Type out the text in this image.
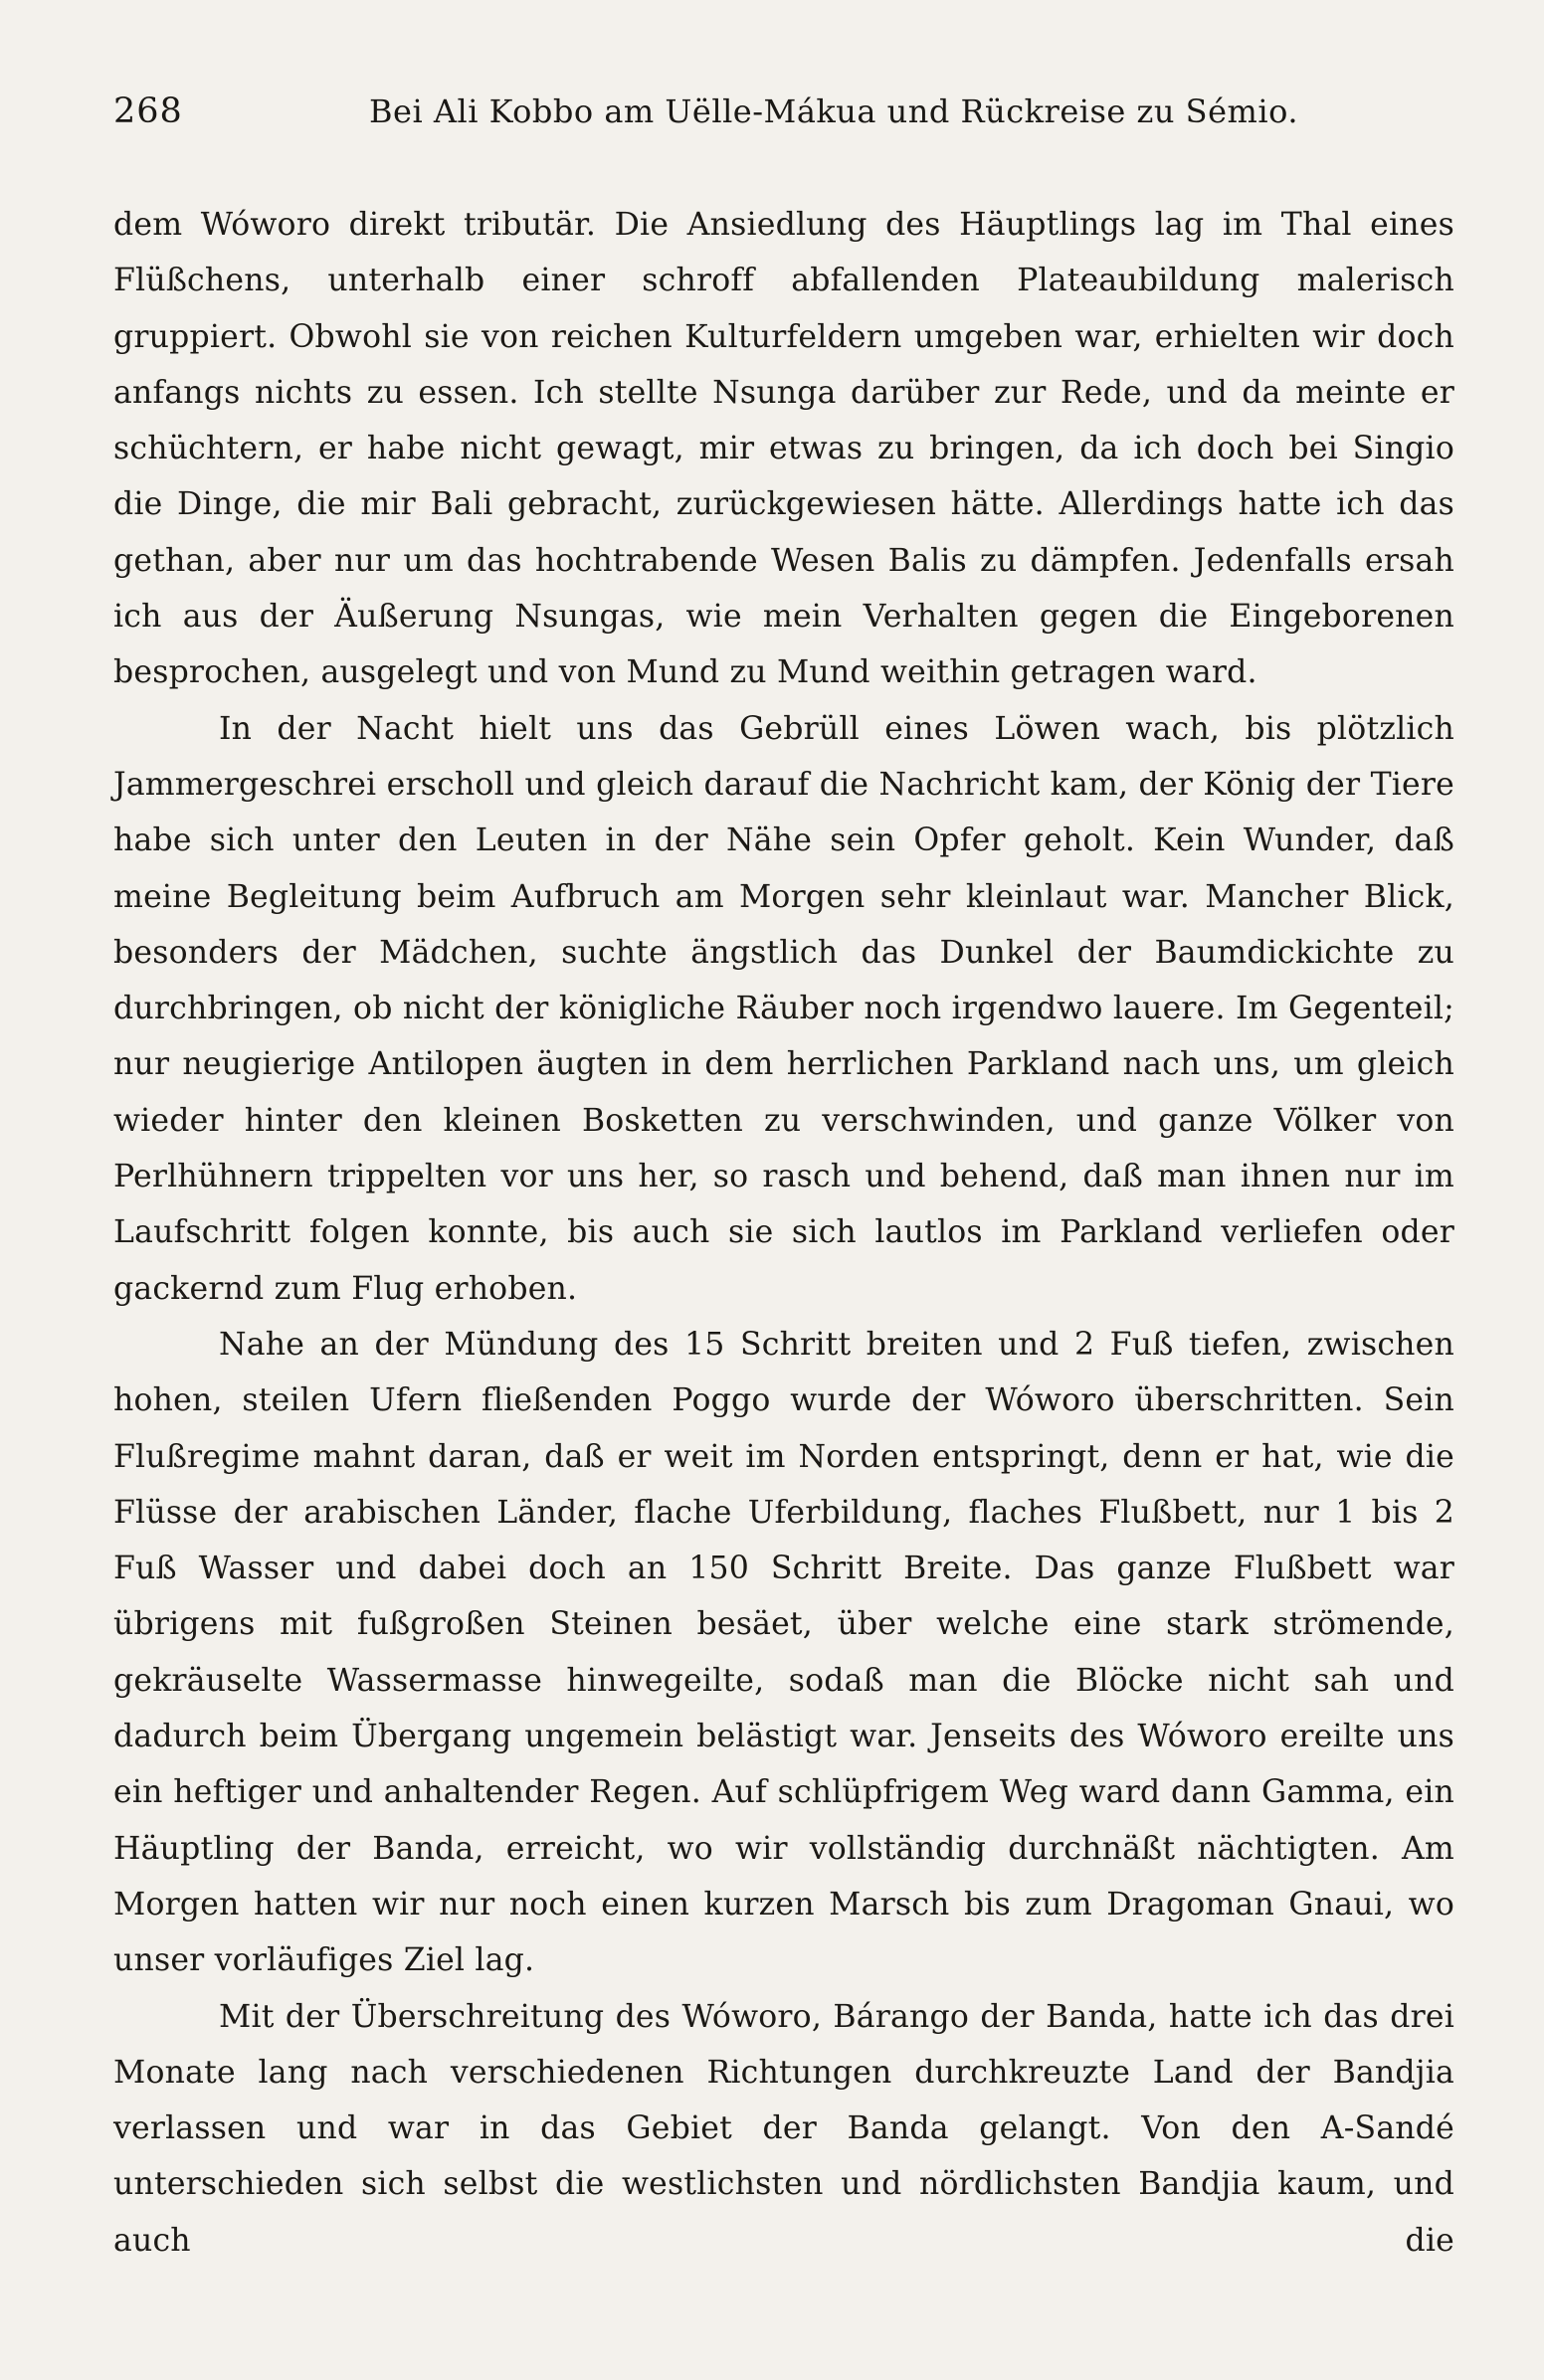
268	Bei Ali Kobbo am Uëlle-Mákua und Rückreise zu Sémio.

dem Wóworo direkt tributär. Die Ansiedlung des Häuptlings lag im Thal eines Flüßchens, unterhalb einer schroff abfallenden Plateaubildung malerisch gruppiert. Obwohl sie von reichen Kulturfeldern umgeben war, erhielten wir doch anfangs nichts zu essen. Ich stellte Nsunga darüber zur Rede, und da meinte er schüchtern, er habe nicht gewagt, mir etwas zu bringen, da ich doch bei Singio die Dinge, die mir Bali gebracht, zurückgewiesen hätte. Allerdings hatte ich das gethan, aber nur um das hochtrabende Wesen Balis zu dämpfen. Jedenfalls ersah ich aus der Äußerung Nsungas, wie mein Verhalten gegen die Eingeborenen besprochen, ausgelegt und von Mund zu Mund weithin getragen ward.

In der Nacht hielt uns das Gebrüll eines Löwen wach, bis plötzlich Jammergeschrei erscholl und gleich darauf die Nachricht kam, der König der Tiere habe sich unter den Leuten in der Nähe sein Opfer geholt. Kein Wunder, daß meine Begleitung beim Aufbruch am Morgen sehr kleinlaut war. Mancher Blick, besonders der Mädchen, suchte ängstlich das Dunkel der Baumdickichte zu durchbringen, ob nicht der königliche Räuber noch irgendwo lauere. Im Gegenteil; nur neugierige Antilopen äugten in dem herrlichen Parkland nach uns, um gleich wieder hinter den kleinen Bosketten zu verschwinden, und ganze Völker von Perlhühnern trippelten vor uns her, so rasch und behend, daß man ihnen nur im Laufschritt folgen konnte, bis auch sie sich lautlos im Parkland verliefen oder gackernd zum Flug erhoben.

Nahe an der Mündung des 15 Schritt breiten und 2 Fuß tiefen, zwischen hohen, steilen Ufern fließenden Poggo wurde der Wóworo überschritten. Sein Flußregime mahnt daran, daß er weit im Norden entspringt, denn er hat, wie die Flüsse der arabischen Länder, flache Uferbildung, flaches Flußbett, nur 1 bis 2 Fuß Wasser und dabei doch an 150 Schritt Breite. Das ganze Flußbett war übrigens mit fußgroßen Steinen besäet, über welche eine stark strömende, gekräuselte Wassermasse hinwegeilte, sodaß man die Blöcke nicht sah und dadurch beim Übergang ungemein belästigt war. Jenseits des Wóworo ereilte uns ein heftiger und anhaltender Regen. Auf schlüpfrigem Weg ward dann Gamma, ein Häuptling der Banda, erreicht, wo wir vollständig durchnäßt nächtigten. Am Morgen hatten wir nur noch einen kurzen Marsch bis zum Dragoman Gnaui, wo unser vorläufiges Ziel lag.

Mit der Überschreitung des Wóworo, Bárango der Banda, hatte ich das drei Monate lang nach verschiedenen Richtungen durchkreuzte Land der Bandjia verlassen und war in das Gebiet der Banda gelangt. Von den A-Sandé unterschieden sich selbst die westlichsten und nördlichsten Bandjia kaum, und auch die
